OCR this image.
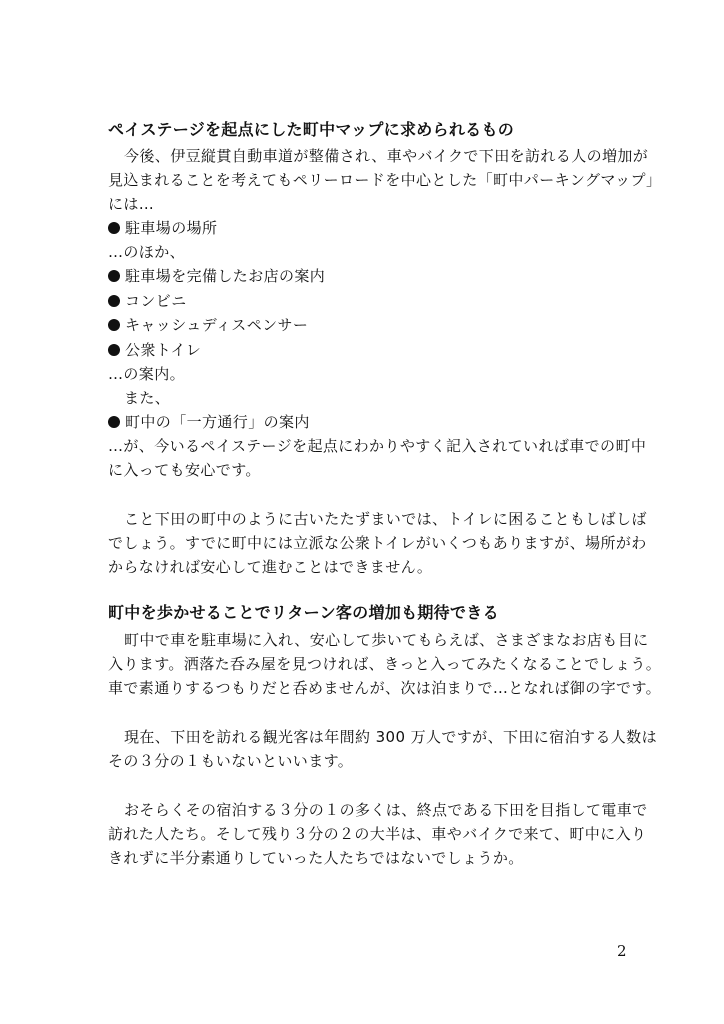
ペイステージを起点にした町中マップに求められるもの
今後、伊豆縦貫自動車道が整備され、車やバイクで下田を訪れる人の増加が
見込まれることを考えてもペリーロードを中心とした「町中パーキングマップ」
には…
駐車場の場所
…のほか、
駐車場を完備したお店の案内
コンビニ
キャッシュディスペンサー
公衆トイレ
…の案内。
また、
町中の「一方通行」の案内
…が、今いるペイステージを起点にわかりやすく記入されていれば車での町中
に入っても安心です。
こと下田の町中のように古いたたずまいでは、トイレに困ることもしばしば
でしょう。すでに町中には立派な公衆トイレがいくつもありますが、場所がわ
からなければ安心して進むことはできません。
町中を歩かせることでリターン客の増加も期待できる
町中で車を駐車場に入れ、安心して歩いてもらえば、さまざまなお店も目に
入ります。洒落た呑み屋を見つければ、きっと入ってみたくなることでしょう。
車で素通りするつもりだと呑めませんが、次は泊まりで…となれば御の字です。
現在、下田を訪れる観光客は年間約 300 万人ですが、下田に宿泊する人数は
その３分の１もいないといいます。
おそらくその宿泊する３分の１の多くは、終点である下田を目指して電車で
訪れた人たち。そして残り３分の２の大半は、車やバイクで来て、町中に入り
きれずに半分素通りしていった人たちではないでしょうか。
2
